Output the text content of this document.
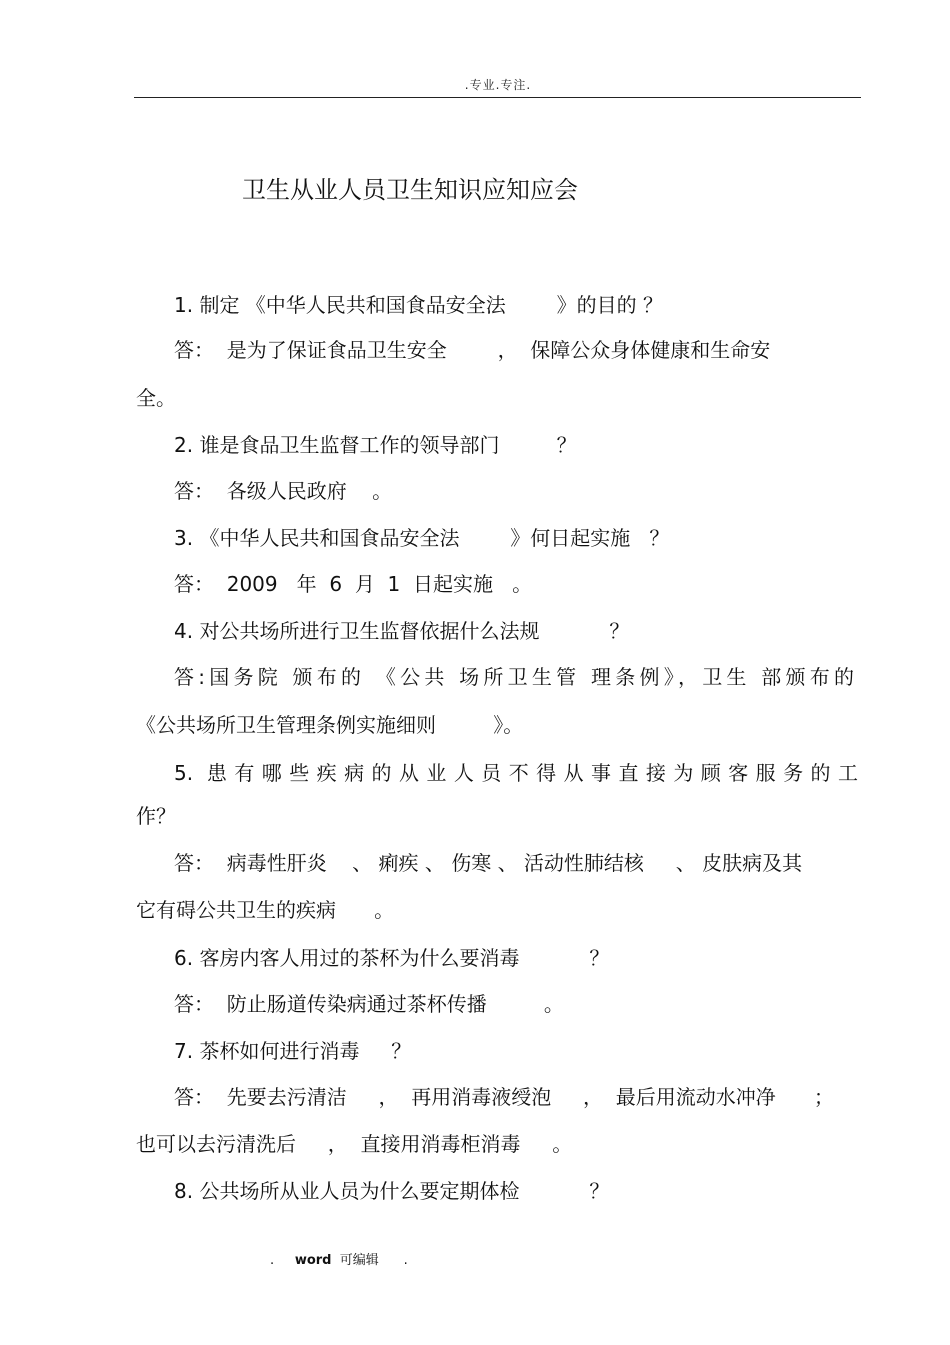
.专业.专注.
卫生从业人员卫生知识应知应会
1. 制定 《中华人民共和国食品安全法        》的目的 ？
答：  是为了保证食品卫生安全        ，  保障公众身体健康和生命安
全。
2. 谁是食品卫生监督工作的领导部门         ？
答：  各级人民政府    。
3. 《中华人民共和国食品安全法        》何日起实施   ？
答：  2009   年  6  月  1  日起实施   。
4. 对公共场所进行卫生监督依据什么法规           ？
答:国务院 颁布的 《公共 场所卫生管 理条例》，卫生 部颁布的
《公共场所卫生管理条例实施细则         》。
5. 患有哪些疾病的从业人员不得从事直接为顾客服务的工
作？
答：  病毒性肝炎    、 痢疾 、 伤寒 、 活动性肺结核     、 皮肤病及其
它有碍公共卫生的疾病      。
6. 客房内客人用过的茶杯为什么要消毒           ？
答：  防止肠道传染病通过茶杯传播         。
7. 茶杯如何进行消毒     ？
答：  先要去污清洁     ，  再用消毒液绶泡     ，  最后用流动水冲净      ；
也可以去污清洗后     ，  直接用消毒柜消毒     。
8. 公共场所从业人员为什么要定期体检           ？
. word 可编辑 .
